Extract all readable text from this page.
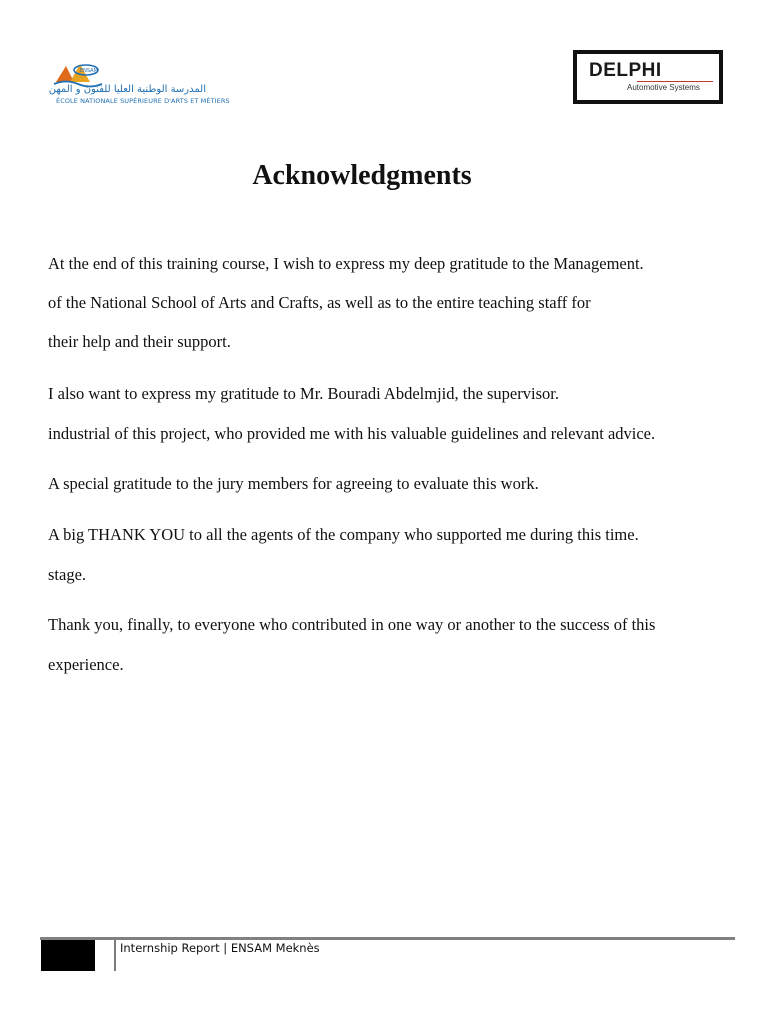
ENSAM
المدرسة الوطنية العليا للفنون و المهن
ÉCOLE NATIONALE SUPÉRIEURE D'ARTS ET MÉTIERS
DELPHI
Automotive Systems
Acknowledgments
At the end of this training course, I wish to express my deep gratitude to the Management.
of the National School of Arts and Crafts, as well as to the entire teaching staff for
their help and their support.
I also want to express my gratitude to Mr. Bouradi Abdelmjid, the supervisor.
industrial of this project, who provided me with his valuable guidelines and relevant advice.
A special gratitude to the jury members for agreeing to evaluate this work.
A big THANK YOU to all the agents of the company who supported me during this time.
stage.
Thank you, finally, to everyone who contributed in one way or another to the success of this
experience.
Internship Report | ENSAM Meknès
